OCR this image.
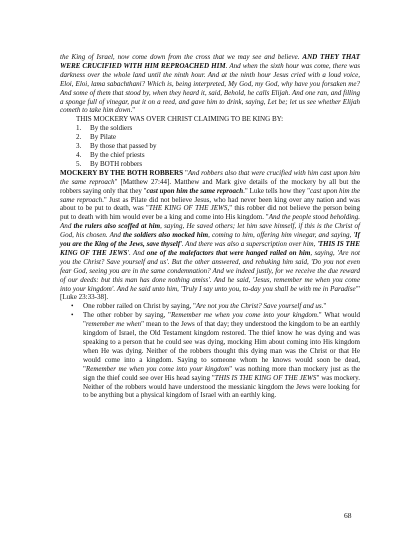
the King of Israel, now come down from the cross that we may see and believe. AND THEY THAT WERE CRUCIFIED WITH HIM REPROACHED HIM. And when the sixth hour was come, there was darkness over the whole land until the ninth hour. And at the ninth hour Jesus cried with a loud voice, Eloi, Eloi, lama sabachthani? Which is, being interpreted, My God, my God, why have you forsaken me? And some of them that stood by, when they heard it, said, Behold, he calls Elijah. And one ran, and filling a sponge full of vinegar, put it on a reed, and gave him to drink, saying, Let be; let us see whether Elijah cometh to take him down."

THIS MOCKERY WAS OVER CHRIST CLAIMING TO BE KING BY:

1. By the soldiers
2. By Pilate
3. By those that passed by
4. By the chief priests
5. By BOTH robbers

MOCKERY BY THE BOTH ROBBERS "And robbers also that were crucified with him cast upon him the same reproach" [Matthew 27:44]. Matthew and Mark give details of the mockery by all but the robbers saying only that they "cast upon him the same reproach." Luke tells how they "cast upon him the same reproach." Just as Pilate did not believe Jesus, who had never been king over any nation and was about to be put to death, was "THE KING OF THE JEWS," this robber did not believe the person being put to death with him would ever be a king and come into His kingdom. "And the people stood beholding. And the rulers also scoffed at him, saying, He saved others; let him save himself, if this is the Christ of God, his chosen. And the soldiers also mocked him, coming to him, offering him vinegar, and saying, 'If you are the King of the Jews, save thyself'. And there was also a superscription over him, 'THIS IS THE KING OF THE JEWS'. And one of the malefactors that were hanged railed on him, saying, 'Are not you the Christ? Save yourself and us'. But the other answered, and rebuking him said, 'Do you not even fear God, seeing you are in the same condemnation? And we indeed justly, for we receive the due reward of our deeds: but this man has done nothing amiss'. And he said, 'Jesus, remember me when you come into your kingdom'. And he said unto him, 'Truly I say unto you, to-day you shall be with me in Paradise'" [Luke 23:33-38].

• One robber railed on Christ by saying, "Are not you the Christ? Save yourself and us."
• The other robber by saying, "Remember me when you come into your kingdom." What would "remember me when" mean to the Jews of that day; they understood the kingdom to be an earthly kingdom of Israel, the Old Testament kingdom restored. The thief know he was dying and was speaking to a person that he could see was dying, mocking Him about coming into His kingdom when He was dying. Neither of the robbers thought this dying man was the Christ or that He would come into a kingdom. Saying to someone whom he knows would soon be dead, "Remember me when you come into your kingdom" was nothing more than mockery just as the sign the thief could see over His head saying "THIS IS THE KING OF THE JEWS" was mockery. Neither of the robbers would have understood the messianic kingdom the Jews were looking for to be anything but a physical kingdom of Israel with an earthly king.
68
